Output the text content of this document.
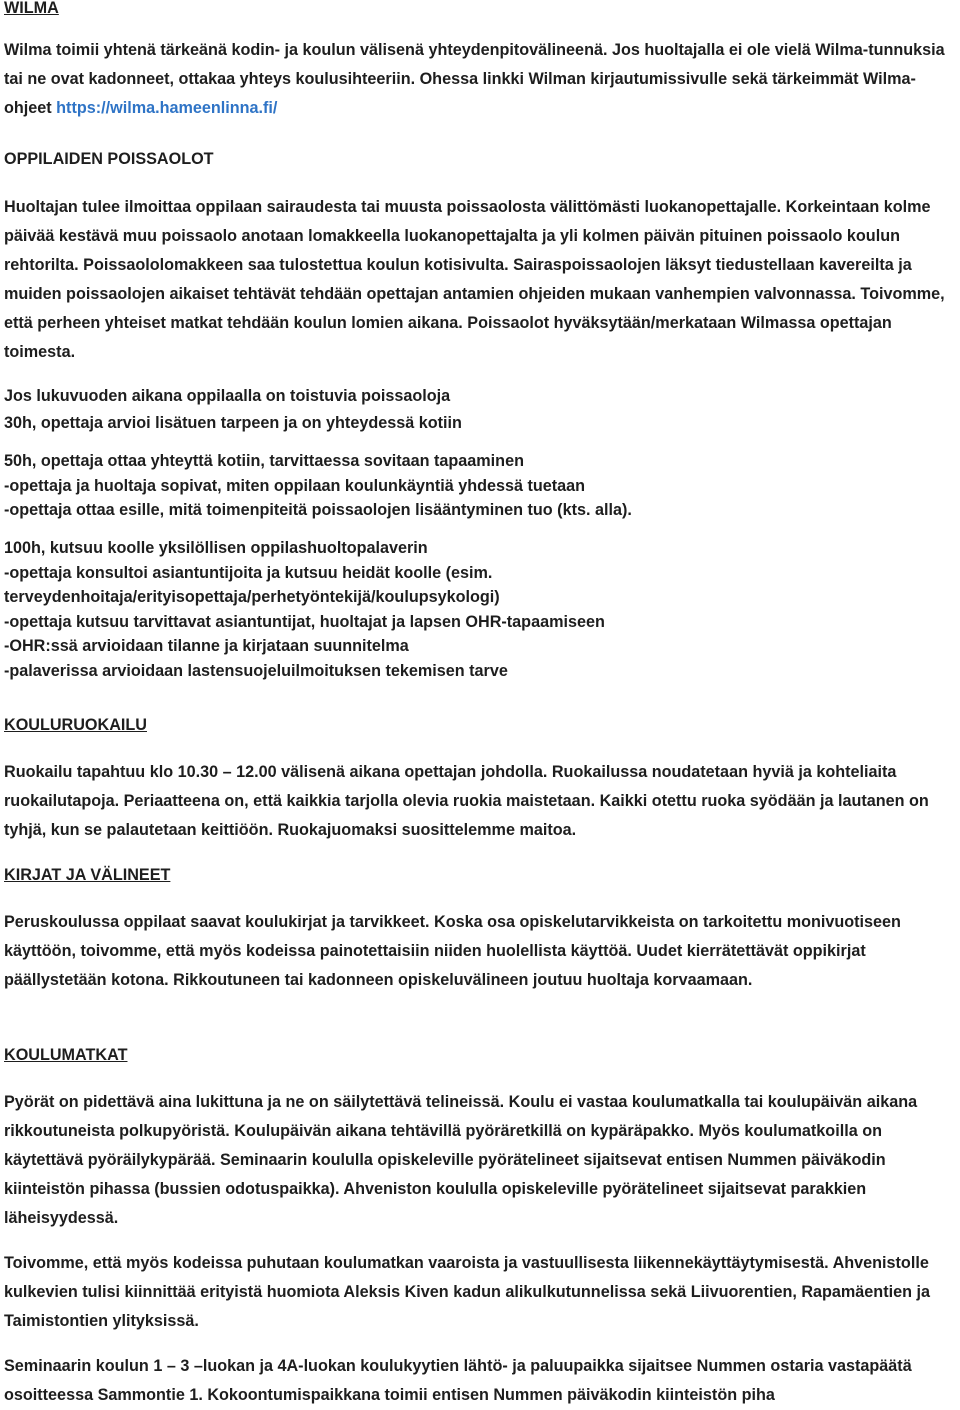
WILMA

Wilma toimii yhtenä tärkeänä kodin- ja koulun välisenä yhteydenpitovälineenä. Jos huoltajalla ei ole vielä Wilma-tunnuksia tai ne ovat kadonneet, ottakaa yhteys koulusihteeriin. Ohessa linkki Wilman kirjautumissivulle sekä tärkeimmät Wilma-ohjeet https://wilma.hameenlinna.fi/

OPPILAIDEN POISSAOLOT

Huoltajan tulee ilmoittaa oppilaan sairaudesta tai muusta poissaolosta välittömästi luokanopettajalle. Korkeintaan kolme päivää kestävä muu poissaolo anotaan lomakkeella luokanopettajalta ja yli kolmen päivän pituinen poissaolo koulun rehtorilta. Poissaololomakkeen saa tulostettua koulun kotisivulta. Sairaspoissaolojen läksyt tiedustellaan kavereilta ja muiden poissaolojen aikaiset tehtävät tehdään opettajan antamien ohjeiden mukaan vanhempien valvonnassa. Toivomme, että perheen yhteiset matkat tehdään koulun lomien aikana. Poissaolot hyväksytään/merkataan Wilmassa opettajan toimesta.

Jos lukuvuoden aikana oppilaalla on toistuvia poissaoloja

30h, opettaja arvioi lisätuen tarpeen ja on yhteydessä kotiin

50h, opettaja ottaa yhteyttä kotiin, tarvittaessa sovitaan tapaaminen

-opettaja ja huoltaja sopivat, miten oppilaan koulunkäyntiä yhdessä tuetaan

-opettaja ottaa esille, mitä toimenpiteitä poissaolojen lisääntyminen tuo (kts. alla).

100h, kutsuu koolle yksilöllisen oppilashuoltopalaverin

-opettaja konsultoi asiantuntijoita ja kutsuu heidät koolle (esim.

terveydenhoitaja/erityisopettaja/perhetyöntekijä/koulupsykologi)

-opettaja kutsuu tarvittavat asiantuntijat, huoltajat ja lapsen OHR-tapaamiseen

-OHR:ssä arvioidaan tilanne ja kirjataan suunnitelma

-palaverissa arvioidaan lastensuojeluilmoituksen tekemisen tarve

KOULURUOKAILU

Ruokailu tapahtuu klo 10.30 – 12.00 välisenä aikana opettajan johdolla. Ruokailussa noudatetaan hyviä ja kohteliaita ruokailutapoja. Periaatteena on, että kaikkia tarjolla olevia ruokia maistetaan. Kaikki otettu ruoka syödään ja lautanen on tyhjä, kun se palautetaan keittiöön. Ruokajuomaksi suosittelemme maitoa.

KIRJAT JA VÄLINEET

Peruskoulussa oppilaat saavat koulukirjat ja tarvikkeet. Koska osa opiskelutarvikkeista on tarkoitettu monivuotiseen käyttöön, toivomme, että myös kodeissa painotettaisiin niiden huolellista käyttöä. Uudet kierrätettävät oppikirjat päällystetään kotona. Rikkoutuneen tai kadonneen opiskeluvälineen joutuu huoltaja korvaamaan.

KOULUMATKAT

Pyörät on pidettävä aina lukittuna ja ne on säilytettävä telineissä. Koulu ei vastaa koulumatkalla tai koulupäivän aikana rikkoutuneista polkupyöristä. Koulupäivän aikana tehtävillä pyöräretkillä on kypäräpakko. Myös koulumatkoilla on käytettävä pyöräilykypärää. Seminaarin koululla opiskeleville pyörätelineet sijaitsevat entisen Nummen päiväkodin kiinteistön pihassa (bussien odotuspaikka). Ahveniston koululla opiskeleville pyörätelineet sijaitsevat parakkien läheisyydessä.

Toivomme, että myös kodeissa puhutaan koulumatkan vaaroista ja vastuullisesta liikennekäyttäytymisestä. Ahvenistolle kulkevien tulisi kiinnittää erityistä huomiota Aleksis Kiven kadun alikulkutunnelissa sekä Liivuorentien, Rapamäentien ja Taimistontien ylityksissä.

Seminaarin koulun 1 – 3 –luokan ja 4A-luokan koulukyytien lähtö- ja paluupaikka sijaitsee Nummen ostaria vastapäätä osoitteessa Sammontie 1. Kokoontumispaikkana toimii entisen Nummen päiväkodin kiinteistön piha
